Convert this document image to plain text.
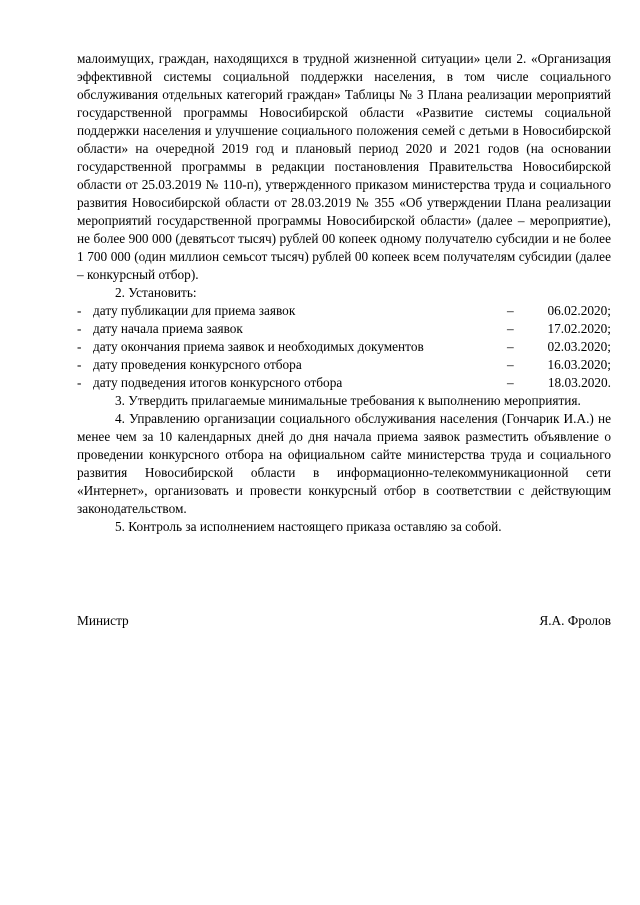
малоимущих, граждан, находящихся в трудной жизненной ситуации» цели 2. «Организация эффективной системы социальной поддержки населения, в том числе социального обслуживания отдельных категорий граждан» Таблицы № 3 Плана реализации мероприятий государственной программы Новосибирской области «Развитие системы социальной поддержки населения и улучшение социального положения семей с детьми в Новосибирской области» на очередной 2019 год и плановый период 2020 и 2021 годов (на основании государственной программы в редакции постановления Правительства Новосибирской области от 25.03.2019 № 110-п), утвержденного приказом министерства труда и социального развития Новосибирской области от 28.03.2019 № 355 «Об утверждении Плана реализации мероприятий государственной программы Новосибирской области» (далее – мероприятие), не более 900 000 (девятьсот тысяч) рублей 00 копеек одному получателю субсидии и не более 1 700 000 (один миллион семьсот тысяч) рублей 00 копеек всем получателям субсидии (далее – конкурсный отбор).

2. Установить:

- дату публикации для приема заявок	–	06.02.2020;
- дату начала приема заявок	–	17.02.2020;
- дату окончания приема заявок и необходимых документов	–	02.03.2020;
- дату проведения конкурсного отбора	–	16.03.2020;
- дату подведения итогов конкурсного отбора	–	18.03.2020.

3. Утвердить прилагаемые минимальные требования к выполнению мероприятия.

4. Управлению организации социального обслуживания населения (Гончарик И.А.) не менее чем за 10 календарных дней до дня начала приема заявок разместить объявление о проведении конкурсного отбора на официальном сайте министерства труда и социального развития Новосибирской области в информационно-телекоммуникационной сети «Интернет», организовать и провести конкурсный отбор в соответствии с действующим законодательством.

5. Контроль за исполнением настоящего приказа оставляю за собой.

Министр	Я.А. Фролов
